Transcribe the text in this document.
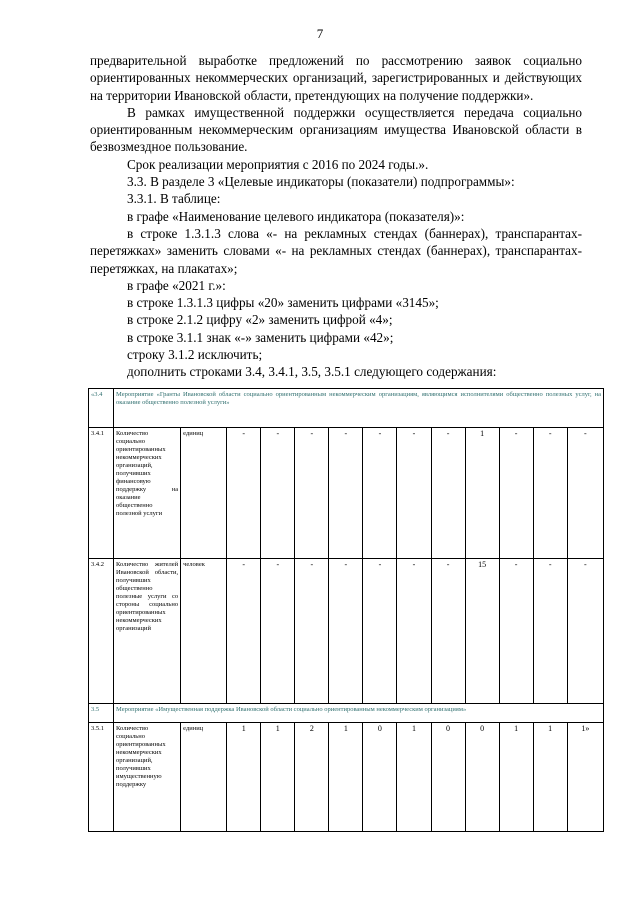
7

предварительной выработке предложений по рассмотрению заявок социально ориентированных некоммерческих организаций, зарегистрированных и действующих на территории Ивановской области, претендующих на получение поддержки».

В рамках имущественной поддержки осуществляется передача социально ориентированным некоммерческим организациям имущества Ивановской области в безвозмездное пользование.

Срок реализации мероприятия с 2016 по 2024 годы.».

3.3. В разделе 3 «Целевые индикаторы (показатели) подпрограммы»:

3.3.1. В таблице:

в графе «Наименование целевого индикатора (показателя)»:

в строке 1.3.1.3 слова «- на рекламных стендах (баннерах), транспарантах-перетяжках» заменить словами «- на рекламных стендах (баннерах), транспарантах-перетяжках, на плакатах»;

в графе «2021 г.»:

в строке 1.3.1.3 цифры «20» заменить цифрами «3145»;

в строке 2.1.2 цифру «2» заменить цифрой «4»;

в строке 3.1.1 знак «-» заменить цифрами «42»;

строку 3.1.2 исключить;

дополнить строками 3.4, 3.4.1, 3.5, 3.5.1 следующего содержания:

«3.4	Мероприятие «Гранты Ивановской области социально ориентированным некоммерческим организациям, являющимся исполнителями общественно полезных услуг, на оказание общественно полезной услуги»												
3.4.1	Количество социально ориентированных некоммерческих организаций, получивших финансовую поддержку на оказание общественно полезной услуги	единиц	-	-	-	-	-	-	-	1	-	-	-
3.4.2	Количество жителей Ивановской области, получивших общественно полезные услуги со стороны социально ориентированных некоммерческих организаций	человек	-	-	-	-	-	-	-	15	-	-	-
3.5	Мероприятие «Имущественная поддержка Ивановской области социально ориентированным некоммерческим организациям»												
3.5.1	Количество социально ориентированных некоммерческих организаций, получивших имущественную поддержку	единиц	1	1	2	1	0	1	0	0	1	1	1»
